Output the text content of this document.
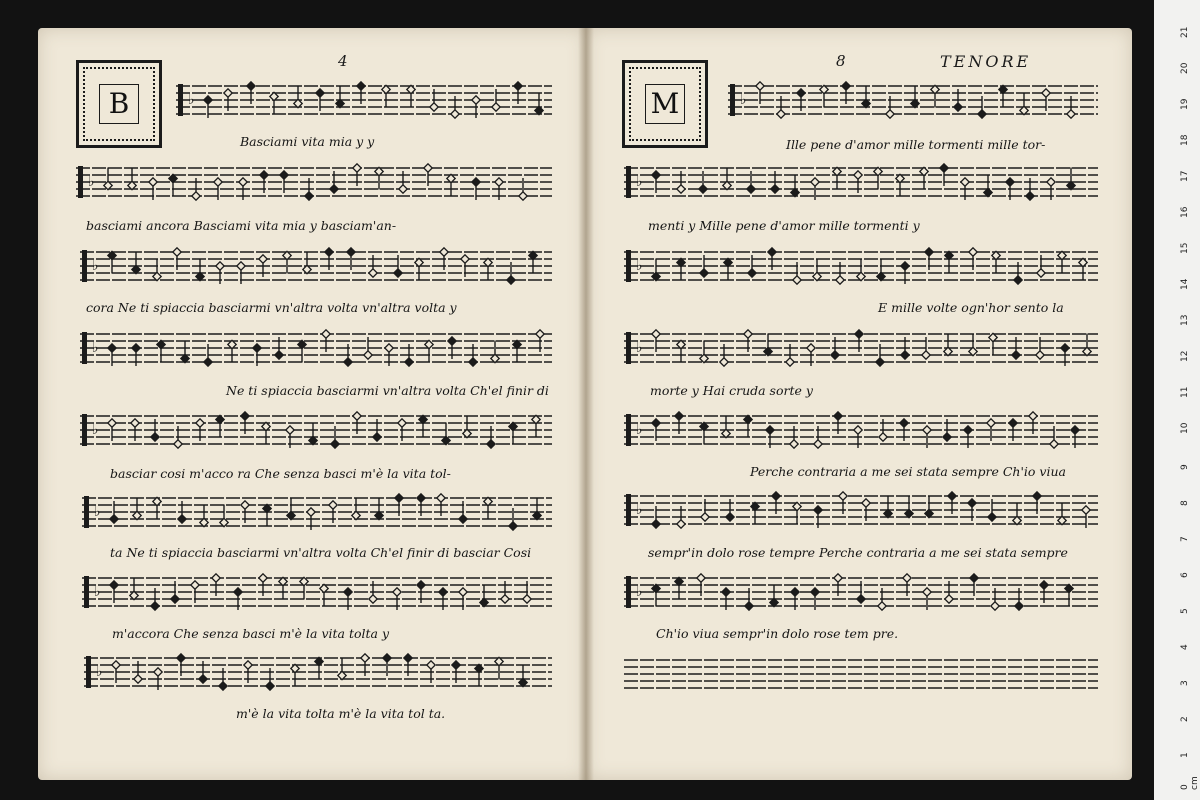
4
B
8	TENORE
M
♭
Basciami vita mia y y
♭
basciami ancora Basciami vita mia y basciam'an-
♭
cora Ne ti spiaccia basciarmi vn'altra volta vn'altra volta y
♭
Ne ti spiaccia basciarmi vn'altra volta Ch'el finir di
♭
basciar cosi m'acco ra Che senza basci m'è la vita tol-
♭
ta Ne ti spiaccia basciarmi vn'altra volta Ch'el finir di basciar Cosi
♭
m'accora Che senza basci m'è la vita tolta y
♭
m'è la vita tolta m'è la vita tol ta.
♭
Ille pene d'amor mille tormenti mille tor-
♭
menti y Mille pene d'amor mille tormenti y
♭
E mille volte ogn'hor sento la
♭
morte y Hai cruda sorte y
♭
Perche contraria a me sei stata sempre Ch'io viua
♭
sempr'in dolo rose tempre Perche contraria a me sei stata sempre
♭
Ch'io viua sempr'in dolo rose tem pre.
0 cm
1
2
3
4
5
6
7
8
9
10
11
12
13
14
15
16
17
18
19
20
21
